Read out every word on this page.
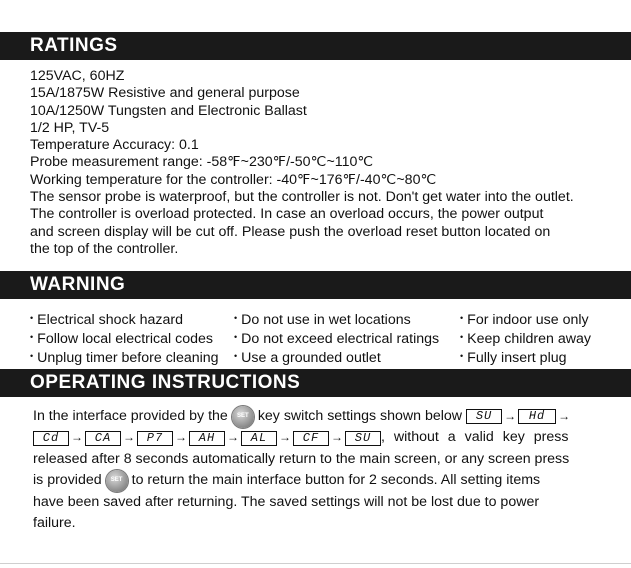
RATINGS
125VAC, 60HZ
15A/1875W Resistive and general purpose
10A/1250W Tungsten and Electronic Ballast
1/2 HP, TV-5
Temperature Accuracy: 0.1
Probe measurement range: -58℉~230℉/-50℃~110℃
Working temperature for the controller: -40℉~176℉/-40℃~80℃
The sensor probe is waterproof, but the controller is not. Don't get water into the outlet.
The controller is overload protected. In case an overload occurs, the power output
and screen display will be cut off. Please push the overload reset button located on
the top of the controller.
WARNING
• Electrical shock hazard	• Do not use in wet locations	• For indoor use only
• Follow local electrical codes	• Do not exceed electrical ratings	• Keep children away
• Unplug timer before cleaning	• Use a grounded outlet	• Fully insert plug
OPERATING INSTRUCTIONS
In the interface provided by the SET key switch settings shown below	SU →	Hd	→
Cd → CA → P7 → AH → AL → CF → SU , without a valid key press
released after 8 seconds automatically return to the main screen, or any screen press
is provided SET to return the main interface button for 2 seconds. All setting items
have been saved after returning. The saved settings will not be lost due to power
failure.
